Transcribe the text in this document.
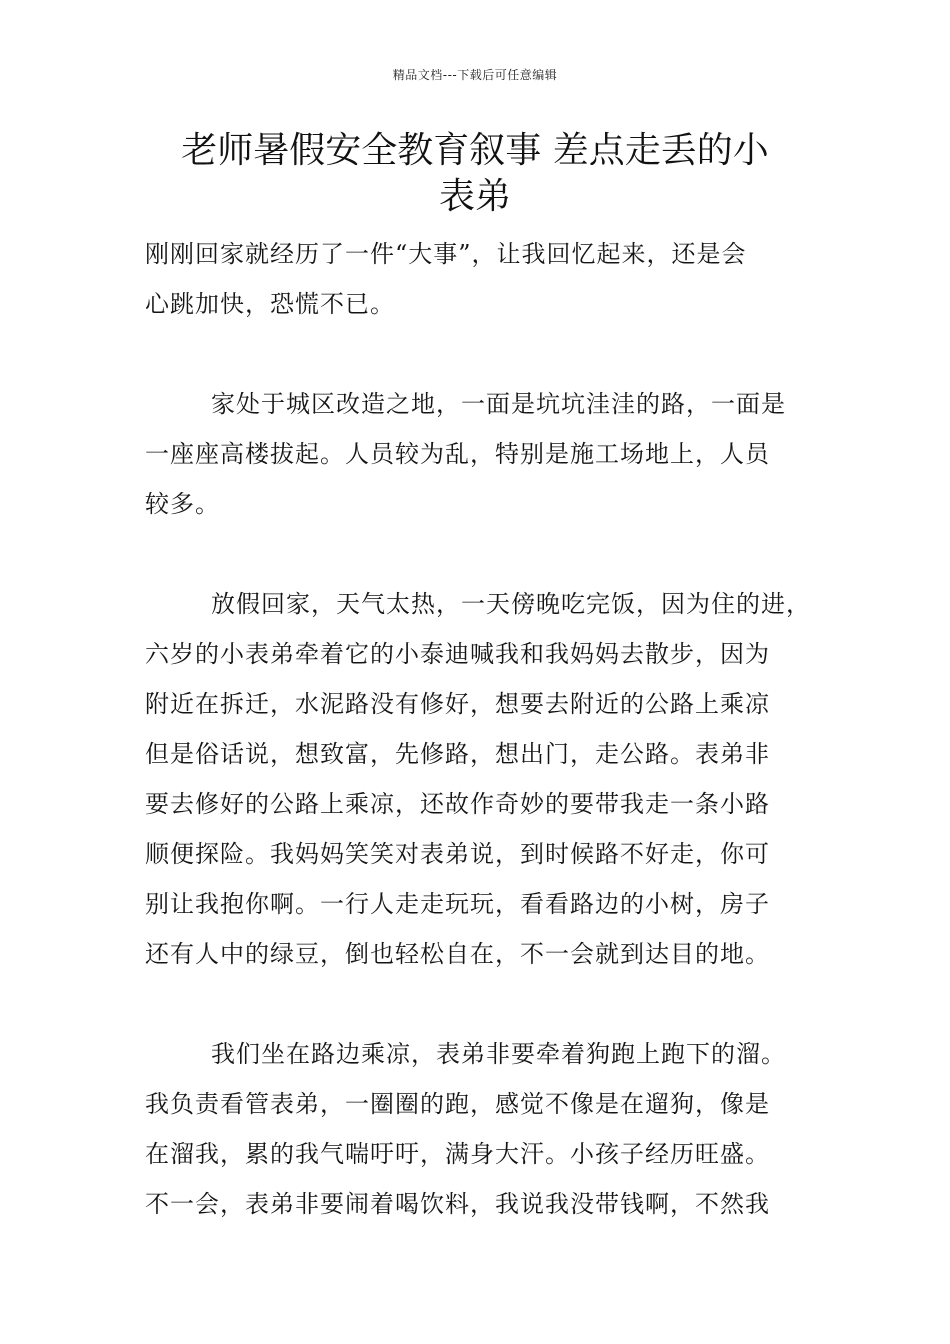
精品文档---下载后可任意编辑
老师暑假安全教育叙事 差点走丢的小
表弟

刚刚回家就经历了一件“大事”，让我回忆起来，还是会
心跳加快，恐慌不已。

家处于城区改造之地，一面是坑坑洼洼的路，一面是
一座座高楼拔起。人员较为乱，特别是施工场地上，人员
较多。

放假回家，天气太热，一天傍晚吃完饭，因为住的进，
六岁的小表弟牵着它的小泰迪喊我和我妈妈去散步，因为
附近在拆迁，水泥路没有修好，想要去附近的公路上乘凉
但是俗话说，想致富，先修路，想出门，走公路。表弟非
要去修好的公路上乘凉，还故作奇妙的要带我走一条小路
顺便探险。我妈妈笑笑对表弟说，到时候路不好走，你可
别让我抱你啊。一行人走走玩玩，看看路边的小树，房子
还有人中的绿豆，倒也轻松自在，不一会就到达目的地。

我们坐在路边乘凉，表弟非要牵着狗跑上跑下的溜。
我负责看管表弟，一圈圈的跑，感觉不像是在遛狗，像是
在溜我，累的我气喘吁吁，满身大汗。小孩子经历旺盛。
不一会，表弟非要闹着喝饮料，我说我没带钱啊，不然我
